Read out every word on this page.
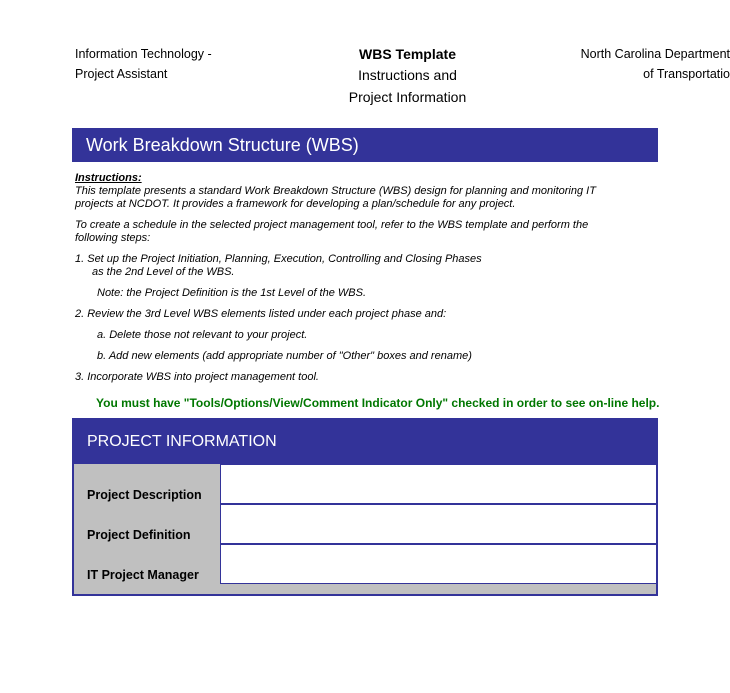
Information Technology -
Project Assistant
WBS Template
Instructions and
Project Information
North Carolina Department
of Transportatio
Work Breakdown Structure (WBS)

Instructions:

This template presents a standard Work Breakdown Structure (WBS) design for planning and monitoring IT

projects at NCDOT. It provides a framework for developing a plan/schedule for any project.

To create a schedule in the selected project management tool, refer to the WBS template and perform the

following steps:

1. Set up the Project Initiation, Planning, Execution, Controlling and Closing Phases

as the 2nd Level of the WBS.

Note: the Project Definition is the 1st Level of the WBS.

2. Review the 3rd Level WBS elements listed under each project phase and:

a. Delete those not relevant to your project.

b. Add new elements (add appropriate number of "Other" boxes and rename)

3. Incorporate WBS into project management tool.

You must have "Tools/Options/View/Comment Indicator Only" checked in order to see on-line help.
PROJECT INFORMATION
Project Description
Project Definition
IT Project Manager
